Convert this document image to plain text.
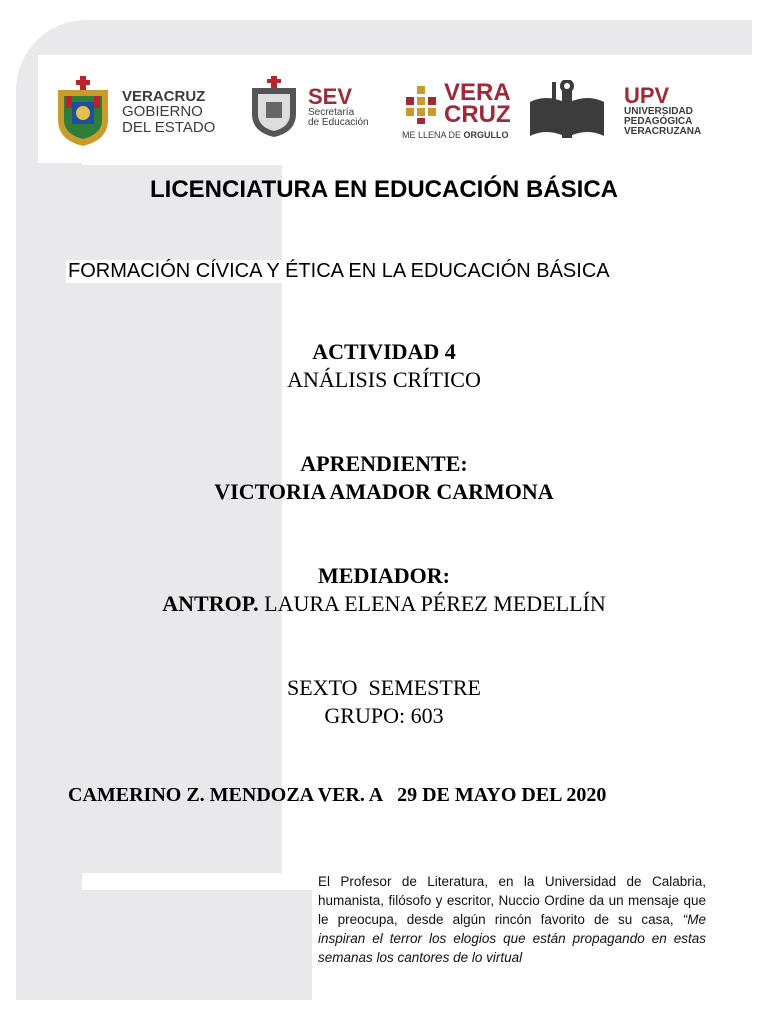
VERACRUZ
GOBIERNO
DEL ESTADO
SEV
Secretaría
de Educación
VERA
CRUZ
ME LLENA DE ORGULLO
UPV
UNIVERSIDAD
PEDAGÓGICA
VERACRUZANA
LICENCIATURA EN EDUCACIÓN BÁSICA
FORMACIÓN CÍVICA Y ÉTICA EN LA EDUCACIÓN BÁSICA
ACTIVIDAD 4
ANÁLISIS CRÍTICO
APRENDIENTE:
VICTORIA AMADOR CARMONA
MEDIADOR:
ANTROP. LAURA ELENA PÉREZ MEDELLÍN
SEXTO  SEMESTRE
GRUPO: 603
CAMERINO Z. MENDOZA VER. A   29 DE MAYO DEL 2020
El Profesor de Literatura, en la Universidad de Calabria, humanista, filósofo y escritor, Nuccio Ordine da un mensaje que le preocupa, desde algún rincón favorito de su casa, “Me inspiran el terror los elogios que están propagando en estas semanas los cantores de lo virtual
